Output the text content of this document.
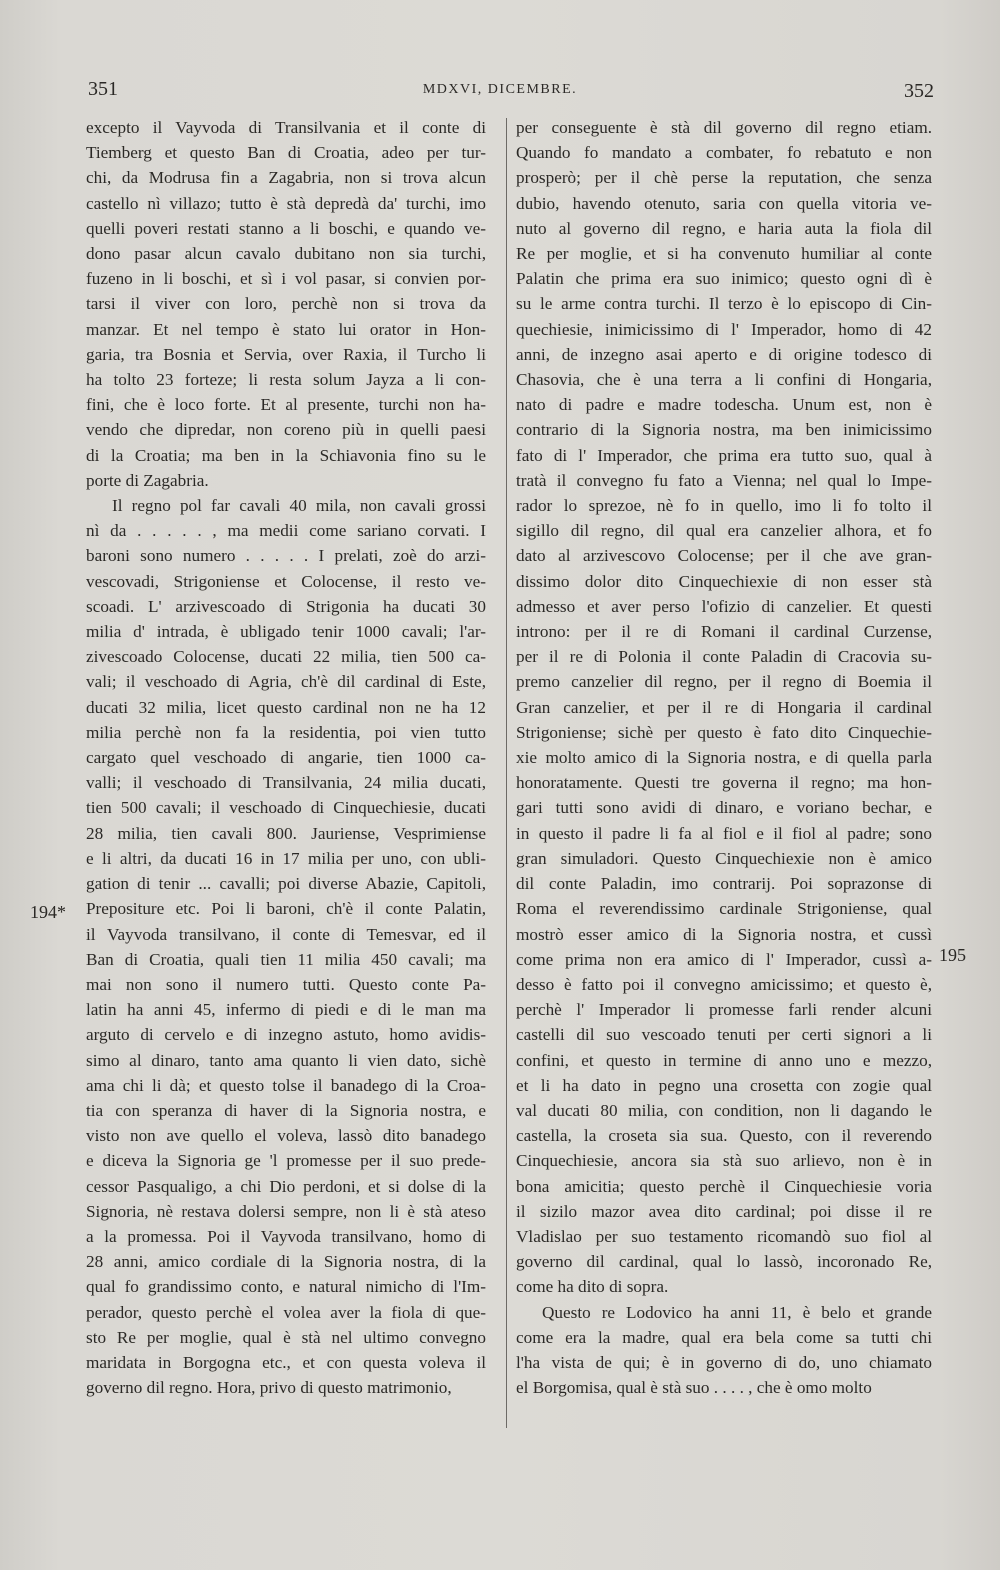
351	MDXVI, DICEMBRE.	352
excepto il Vayvoda di Transilvania et il conte di
Tiemberg et questo Ban di Croatia, adeo per tur-
chi, da Modrusa fin a Zagabria, non si trova alcun
castello nì villazo; tutto è stà depredà da' turchi, imo
quelli poveri restati stanno a li boschi, e quando ve-
dono pasar alcun cavalo dubitano non sia turchi,
fuzeno in li boschi, et sì i vol pasar, si convien por-
tarsi il viver con loro, perchè non si trova da
manzar. Et nel tempo è stato lui orator in Hon-
garia, tra Bosnia et Servia, over Raxia, il Turcho li
ha tolto 23 forteze; li resta solum Jayza a li con-
fini, che è loco forte. Et al presente, turchi non ha-
vendo che dipredar, non coreno più in quelli paesi
di la Croatia; ma ben in la Schiavonia fino su le
porte di Zagabria.
Il regno pol far cavali 40 mila, non cavali grossi
nì da . . . . . , ma medii come sariano corvati. I
baroni sono numero . . . . . I prelati, zoè do arzi-
vescovadi, Strigoniense et Colocense, il resto ve-
scoadi. L' arzivescoado di Strigonia ha ducati 30
milia d' intrada, è ubligado tenir 1000 cavali; l'ar-
zivescoado Colocense, ducati 22 milia, tien 500 ca-
vali; il veschoado di Agria, ch'è dil cardinal di Este,
ducati 32 milia, licet questo cardinal non ne ha 12
milia perchè non fa la residentia, poi vien tutto
cargato quel veschoado di angarie, tien 1000 ca-
valli; il veschoado di Transilvania, 24 milia ducati,
tien 500 cavali; il veschoado di Cinquechiesie, ducati
28 milia, tien cavali 800. Jauriense, Vesprimiense
e li altri, da ducati 16 in 17 milia per uno, con ubli-
gation di tenir ... cavalli; poi diverse Abazie, Capitoli,
Prepositure etc. Poi li baroni, ch'è il conte Palatin,
il Vayvoda transilvano, il conte di Temesvar, ed il
Ban di Croatia, quali tien 11 milia 450 cavali; ma
mai non sono il numero tutti. Questo conte Pa-
latin ha anni 45, infermo di piedi e di le man ma
arguto di cervelo e di inzegno astuto, homo avidis-
simo al dinaro, tanto ama quanto li vien dato, sichè
ama chi li dà; et questo tolse il banadego di la Croa-
tia con speranza di haver di la Signoria nostra, e
visto non ave quello el voleva, lassò dito banadego
e diceva la Signoria ge 'l promesse per il suo prede-
cessor Pasqualigo, a chi Dio perdoni, et si dolse di la
Signoria, nè restava dolersi sempre, non li è stà ateso
a la promessa. Poi il Vayvoda transilvano, homo di
28 anni, amico cordiale di la Signoria nostra, di la
qual fo grandissimo conto, e natural nimicho di l'Im-
perador, questo perchè el volea aver la fiola di que-
sto Re per moglie, qual è stà nel ultimo convegno
maridata in Borgogna etc., et con questa voleva il
governo dil regno. Hora, privo di questo matrimonio,
per conseguente è stà dil governo dil regno etiam.
Quando fo mandato a combater, fo rebatuto e non
prosperò; per il chè perse la reputation, che senza
dubio, havendo otenuto, saria con quella vitoria ve-
nuto al governo dil regno, e haria auta la fiola dil
Re per moglie, et si ha convenuto humiliar al conte
Palatin che prima era suo inimico; questo ogni dì è
su le arme contra turchi. Il terzo è lo episcopo di Cin-
quechiesie, inimicissimo di l' Imperador, homo di 42
anni, de inzegno asai aperto e di origine todesco di
Chasovia, che è una terra a li confini di Hongaria,
nato di padre e madre todescha. Unum est, non è
contrario di la Signoria nostra, ma ben inimicissimo
fato di l' Imperador, che prima era tutto suo, qual à
tratà il convegno fu fato a Vienna; nel qual lo Impe-
rador lo sprezoe, nè fo in quello, imo li fo tolto il
sigillo dil regno, dil qual era canzelier alhora, et fo
dato al arzivescovo Colocense; per il che ave gran-
dissimo dolor dito Cinquechiexie di non esser stà
admesso et aver perso l'ofizio di canzelier. Et questi
introno: per il re di Romani il cardinal Curzense,
per il re di Polonia il conte Paladin di Cracovia su-
premo canzelier dil regno, per il regno di Boemia il
Gran canzelier, et per il re di Hongaria il cardinal
Strigoniense; sichè per questo è fato dito Cinquechie-
xie molto amico di la Signoria nostra, e di quella parla
honoratamente. Questi tre governa il regno; ma hon-
gari tutti sono avidi di dinaro, e voriano bechar, e
in questo il padre li fa al fiol e il fiol al padre; sono
gran simuladori. Questo Cinquechiexie non è amico
dil conte Paladin, imo contrarij. Poi soprazonse di
Roma el reverendissimo cardinale Strigoniense, qual
mostrò esser amico di la Signoria nostra, et cussì
come prima non era amico di l' Imperador, cussì a-
desso è fatto poi il convegno amicissimo; et questo è,
perchè l' Imperador li promesse farli render alcuni
castelli dil suo vescoado tenuti per certi signori a li
confini, et questo in termine di anno uno e mezzo,
et li ha dato in pegno una crosetta con zogie qual
val ducati 80 milia, con condition, non li dagando le
castella, la croseta sia sua. Questo, con il reverendo
Cinquechiesie, ancora sia stà suo arlievo, non è in
bona amicitia; questo perchè il Cinquechiesie voria
il sizilo mazor avea dito cardinal; poi disse il re
Vladislao per suo testamento ricomandò suo fiol al
governo dil cardinal, qual lo lassò, incoronado Re,
come ha dito di sopra.
Questo re Lodovico ha anni 11, è belo et grande
come era la madre, qual era bela come sa tutti chi
l'ha vista de qui; è in governo di do, uno chiamato
el Borgomisa, qual è stà suo . . . . , che è omo molto
194*
195
